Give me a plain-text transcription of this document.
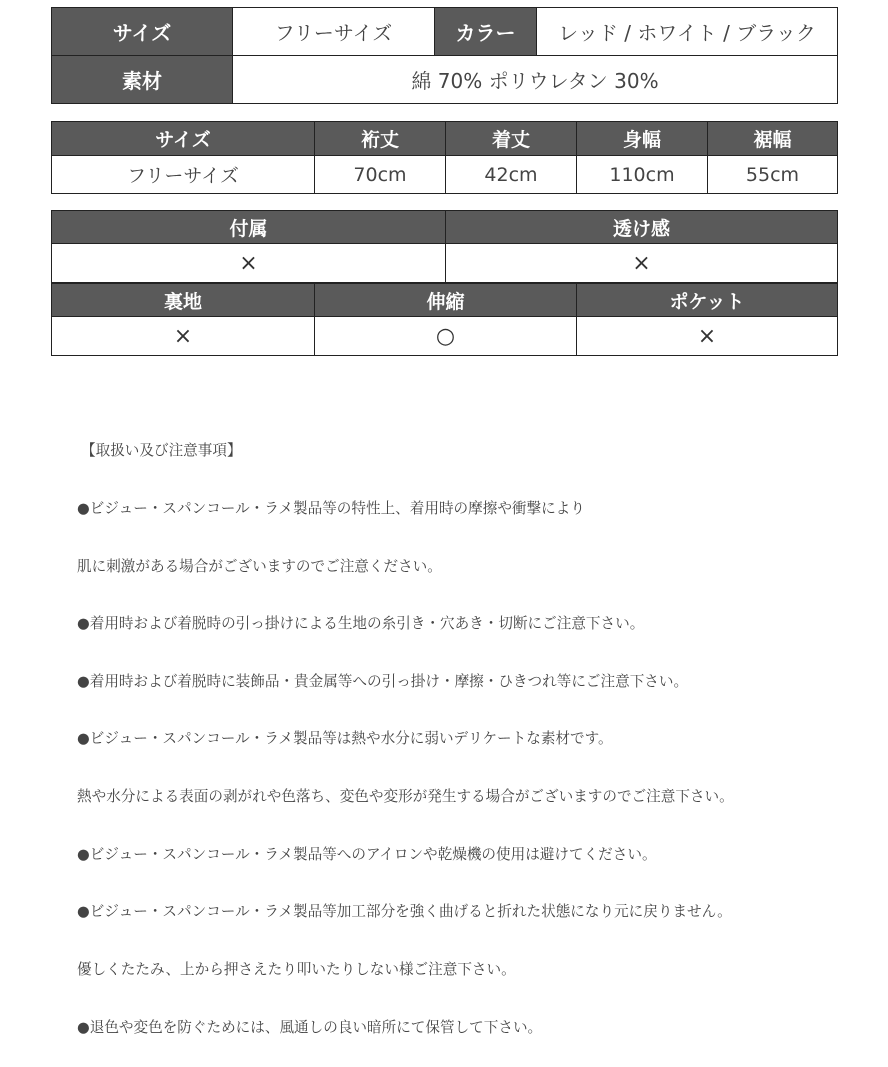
サイズ	フリーサイズ	カラー	レッド / ホワイト / ブラック
素材	綿 70% ポリウレタン 30%		
サイズ	裄丈	着丈	身幅	裾幅
フリーサイズ	70cm	42cm	110cm	55cm
付属	透け感
×	×
裏地	伸縮	ポケット
×	○	×

【取扱い及び注意事項】

●ビジュー・スパンコール・ラメ製品等の特性上、着用時の摩擦や衝撃により

肌に刺激がある場合がございますのでご注意ください。

●着用時および着脱時の引っ掛けによる生地の糸引き・穴あき・切断にご注意下さい。

●着用時および着脱時に装飾品・貴金属等への引っ掛け・摩擦・ひきつれ等にご注意下さい。

●ビジュー・スパンコール・ラメ製品等は熱や水分に弱いデリケートな素材です。

熱や水分による表面の剥がれや色落ち、変色や変形が発生する場合がございますのでご注意下さい。

●ビジュー・スパンコール・ラメ製品等へのアイロンや乾燥機の使用は避けてください。

●ビジュー・スパンコール・ラメ製品等加工部分を強く曲げると折れた状態になり元に戻りません。

優しくたたみ、上から押さえたり叩いたりしない様ご注意下さい。

●退色や変色を防ぐためには、風通しの良い暗所にて保管して下さい。
